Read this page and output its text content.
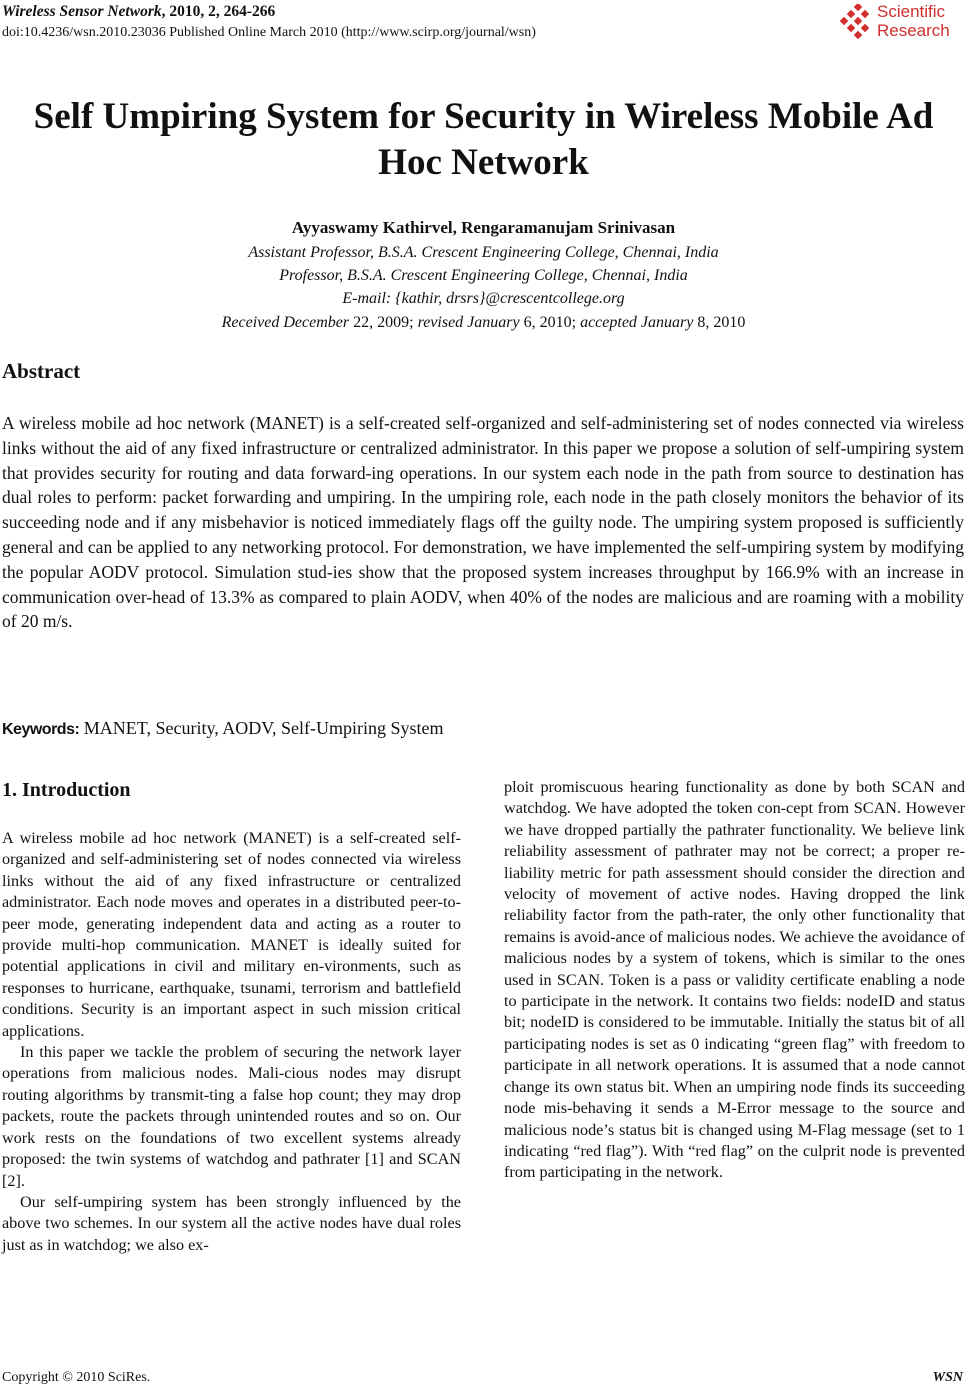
Wireless Sensor Network, 2010, 2, 264-266
doi:10.4236/wsn.2010.23036 Published Online March 2010 (http://www.scirp.org/journal/wsn)
Scientific
Research
Self Umpiring System for Security in Wireless Mobile Ad
Hoc Network
Ayyaswamy Kathirvel, Rengaramanujam Srinivasan
Assistant Professor, B.S.A. Crescent Engineering College, Chennai, India
Professor, B.S.A. Crescent Engineering College, Chennai, India
E-mail: {kathir, drsrs}@crescentcollege.org
Received December 22, 2009; revised January 6, 2010; accepted January 8, 2010
Abstract
A wireless mobile ad hoc network (MANET) is a self-created self-organized and self-administering set of nodes connected via wireless links without the aid of any fixed infrastructure or centralized administrator. In this paper we propose a solution of self-umpiring system that provides security for routing and data forward-ing operations. In our system each node in the path from source to destination has dual roles to perform: packet forwarding and umpiring. In the umpiring role, each node in the path closely monitors the behavior of its succeeding node and if any misbehavior is noticed immediately flags off the guilty node. The umpiring system proposed is sufficiently general and can be applied to any networking protocol. For demonstration, we have implemented the self-umpiring system by modifying the popular AODV protocol. Simulation stud-ies show that the proposed system increases throughput by 166.9% with an increase in communication over-head of 13.3% as compared to plain AODV, when 40% of the nodes are malicious and are roaming with a mobility of 20 m/s.
Keywords: MANET, Security, AODV, Self-Umpiring System
1. Introduction

A wireless mobile ad hoc network (MANET) is a self-created self-organized and self-administering set of nodes connected via wireless links without the aid of any fixed infrastructure or centralized administrator. Each node moves and operates in a distributed peer-to-peer mode, generating independent data and acting as a router to provide multi-hop communication. MANET is ideally suited for potential applications in civil and military en-vironments, such as responses to hurricane, earthquake, tsunami, terrorism and battlefield conditions. Security is an important aspect in such mission critical applications.

In this paper we tackle the problem of securing the network layer operations from malicious nodes. Mali-cious nodes may disrupt routing algorithms by transmit-ting a false hop count; they may drop packets, route the packets through unintended routes and so on. Our work rests on the foundations of two excellent systems already proposed: the twin systems of watchdog and pathrater [1] and SCAN [2].

Our self-umpiring system has been strongly influenced by the above two schemes. In our system all the active nodes have dual roles just as in watchdog; we also ex-

ploit promiscuous hearing functionality as done by both SCAN and watchdog. We have adopted the token con-cept from SCAN. However we have dropped partially the pathrater functionality. We believe link reliability assessment of pathrater may not be correct; a proper re-liability metric for path assessment should consider the direction and velocity of movement of active nodes. Having dropped the link reliability factor from the path-rater, the only other functionality that remains is avoid-ance of malicious nodes. We achieve the avoidance of malicious nodes by a system of tokens, which is similar to the ones used in SCAN. Token is a pass or validity certificate enabling a node to participate in the network. It contains two fields: nodeID and status bit; nodeID is considered to be immutable. Initially the status bit of all participating nodes is set as 0 indicating “green flag” with freedom to participate in all network operations. It is assumed that a node cannot change its own status bit. When an umpiring node finds its succeeding node mis-behaving it sends a M-Error message to the source and malicious node’s status bit is changed using M-Flag message (set to 1 indicating “red flag”). With “red flag” on the culprit node is prevented from participating in the network.

Copyright © 2010 SciRes.	WSN
